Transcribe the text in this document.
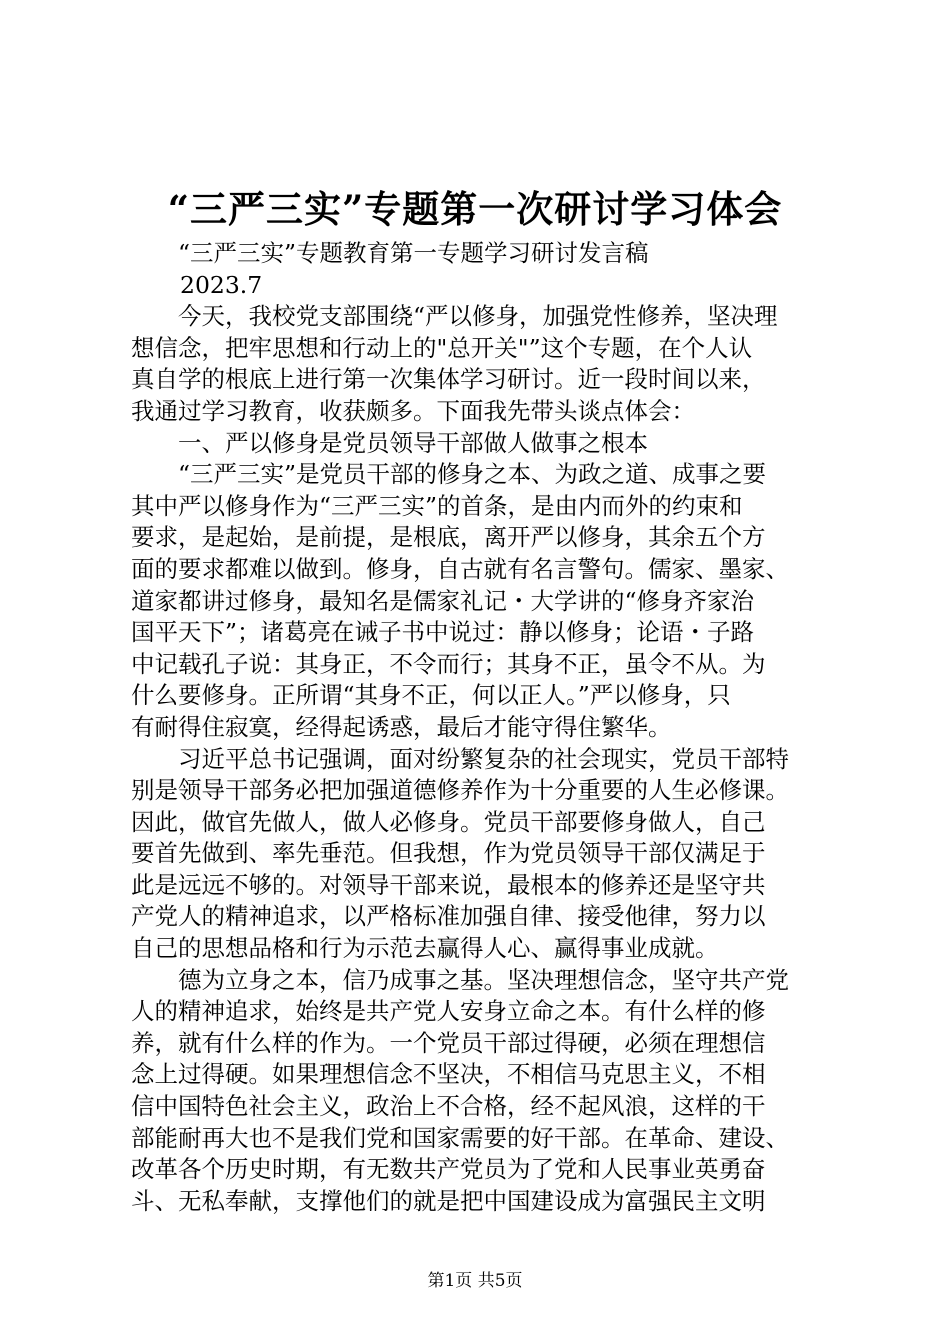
“三严三实”专题第一次研讨学习体会
“三严三实”专题教育第一专题学习研讨发言稿
2023.7
今天，我校党支部围绕“严以修身，加强党性修养，坚决理
想信念，把牢思想和行动上的"总开关"”这个专题，在个人认
真自学的根底上进行第一次集体学习研讨。近一段时间以来，
我通过学习教育，收获颇多。下面我先带头谈点体会：
一、严以修身是党员领导干部做人做事之根本
“三严三实”是党员干部的修身之本、为政之道、成事之要
其中严以修身作为“三严三实”的首条，是由内而外的约束和
要求，是起始，是前提，是根底，离开严以修身，其余五个方
面的要求都难以做到。修身，自古就有名言警句。儒家、墨家、
道家都讲过修身，最知名是儒家礼记・大学讲的“修身齐家治
国平天下”；诸葛亮在诫子书中说过：静以修身；论语・子路
中记载孔子说：其身正，不令而行；其身不正，虽令不从。为
什么要修身。正所谓“其身不正，何以正人。”严以修身，只
有耐得住寂寞，经得起诱惑，最后才能守得住繁华。
习近平总书记强调，面对纷繁复杂的社会现实，党员干部特
别是领导干部务必把加强道德修养作为十分重要的人生必修课。
因此，做官先做人，做人必修身。党员干部要修身做人，自己
要首先做到、率先垂范。但我想，作为党员领导干部仅满足于
此是远远不够的。对领导干部来说，最根本的修养还是坚守共
产党人的精神追求，以严格标准加强自律、接受他律，努力以
自己的思想品格和行为示范去赢得人心、赢得事业成就。
德为立身之本，信乃成事之基。坚决理想信念，坚守共产党
人的精神追求，始终是共产党人安身立命之本。有什么样的修
养，就有什么样的作为。一个党员干部过得硬，必须在理想信
念上过得硬。如果理想信念不坚决，不相信马克思主义，不相
信中国特色社会主义，政治上不合格，经不起风浪，这样的干
部能耐再大也不是我们党和国家需要的好干部。在革命、建设、
改革各个历史时期，有无数共产党员为了党和人民事业英勇奋
斗、无私奉献，支撑他们的就是把中国建设成为富强民主文明
第1页 共5页
